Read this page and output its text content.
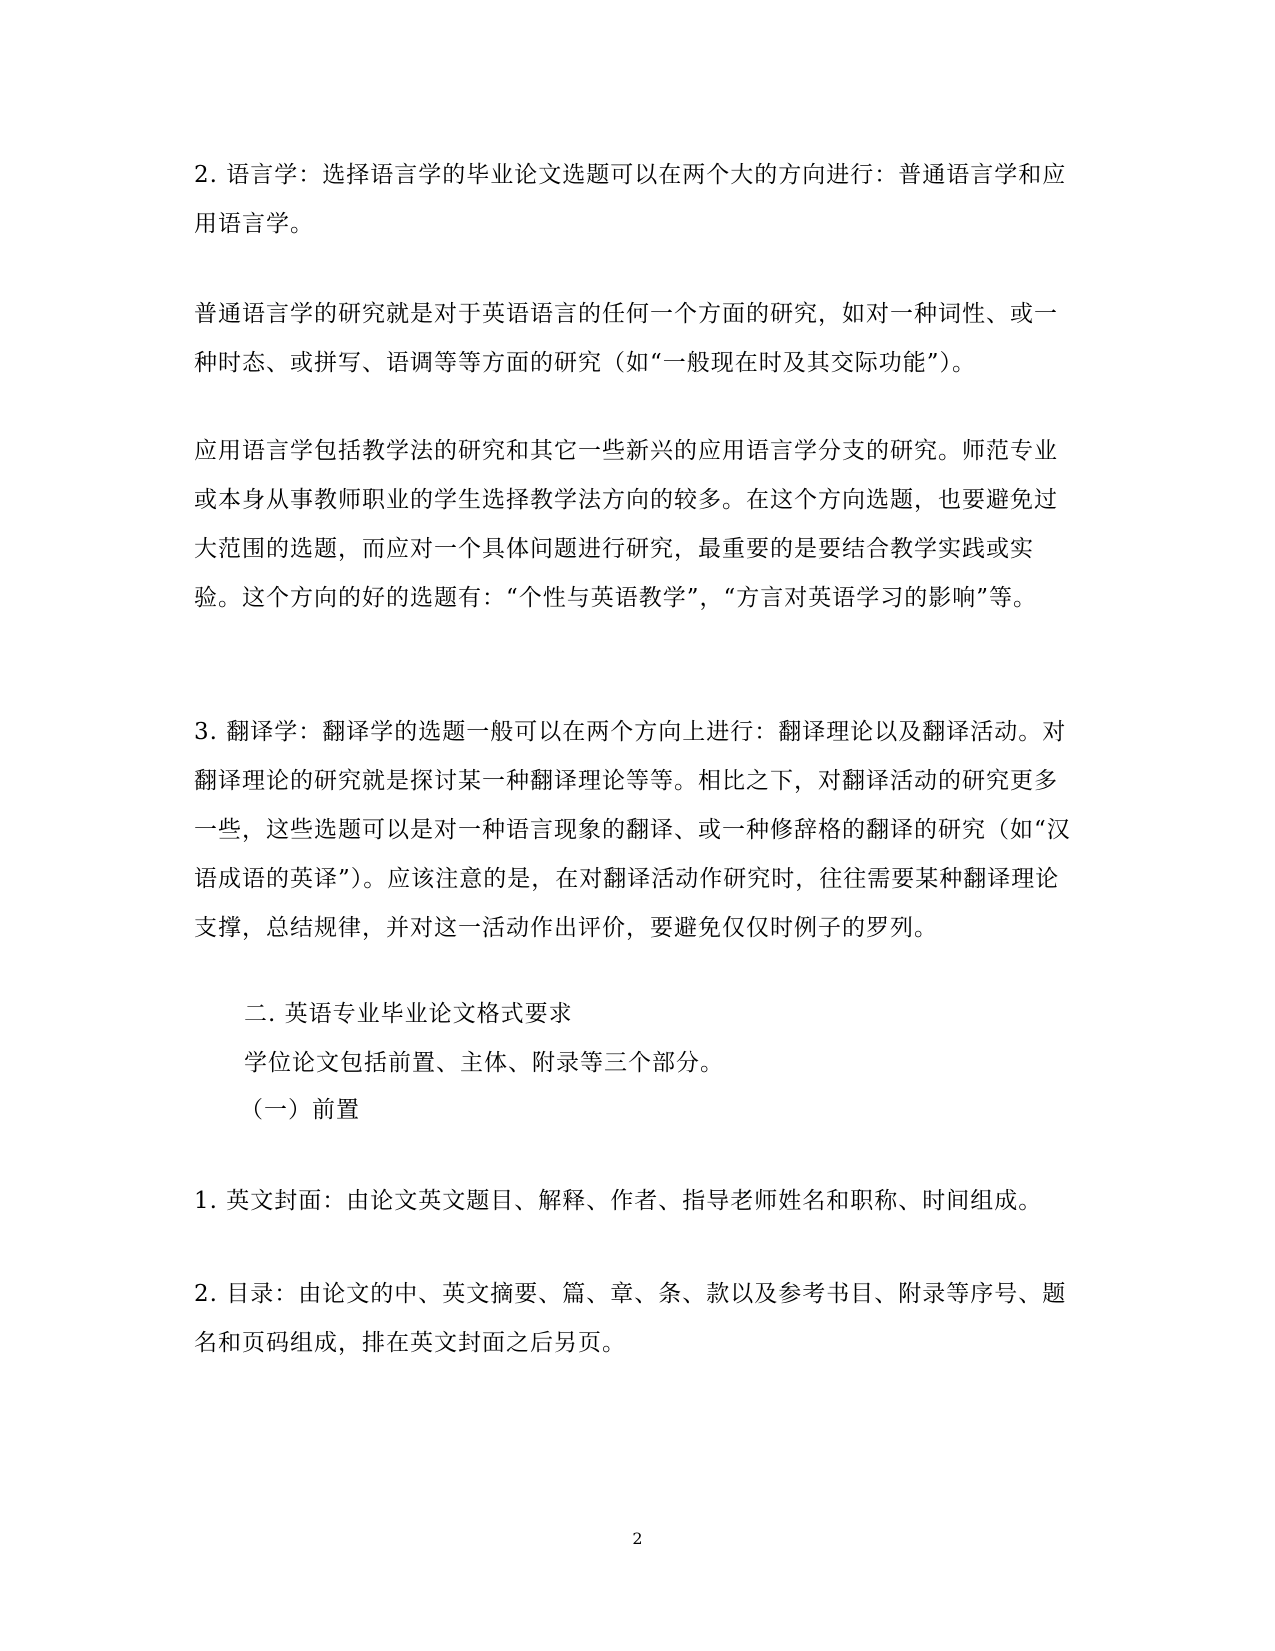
2. 语言学：选择语言学的毕业论文选题可以在两个大的方向进行：普通语言学和应用语言学。

普通语言学的研究就是对于英语语言的任何一个方面的研究，如对一种词性、或一种时态、或拼写、语调等等方面的研究（如“一般现在时及其交际功能”）。

应用语言学包括教学法的研究和其它一些新兴的应用语言学分支的研究。师范专业或本身从事教师职业的学生选择教学法方向的较多。在这个方向选题，也要避免过大范围的选题，而应对一个具体问题进行研究，最重要的是要结合教学实践或实验。这个方向的好的选题有：“个性与英语教学”，“方言对英语学习的影响”等。

3. 翻译学：翻译学的选题一般可以在两个方向上进行：翻译理论以及翻译活动。对翻译理论的研究就是探讨某一种翻译理论等等。相比之下，对翻译活动的研究更多一些，这些选题可以是对一种语言现象的翻译、或一种修辞格的翻译的研究（如“汉语成语的英译”）。应该注意的是，在对翻译活动作研究时，往往需要某种翻译理论支撑，总结规律，并对这一活动作出评价，要避免仅仅时例子的罗列。

二. 英语专业毕业论文格式要求

学位论文包括前置、主体、附录等三个部分。

（一）前置

1. 英文封面：由论文英文题目、解释、作者、指导老师姓名和职称、时间组成。

2. 目录：由论文的中、英文摘要、篇、章、条、款以及参考书目、附录等序号、题名和页码组成，排在英文封面之后另页。

2
